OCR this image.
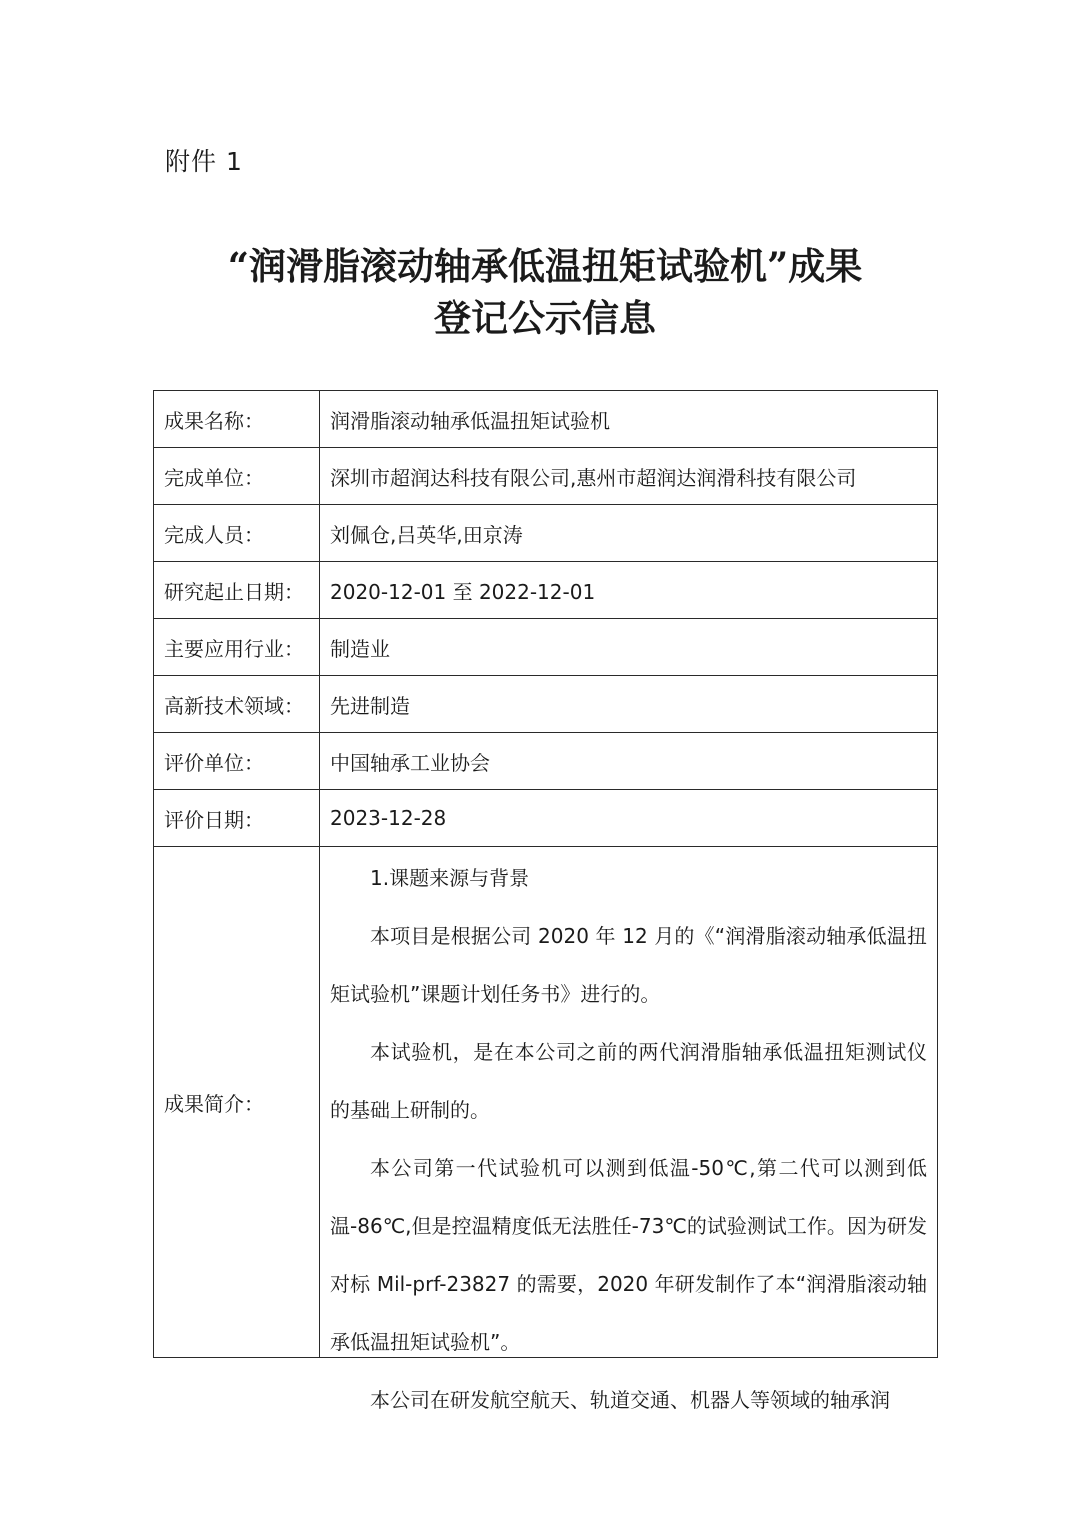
附件 1
“润滑脂滚动轴承低温扭矩试验机”成果
登记公示信息
成果名称：	润滑脂滚动轴承低温扭矩试验机
完成单位：	深圳市超润达科技有限公司,惠州市超润达润滑科技有限公司
完成人员：	刘佩仓,吕英华,田京涛
研究起止日期：	2020-12-01 至 2022-12-01
主要应用行业：	制造业
高新技术领域：	先进制造
评价单位：	中国轴承工业协会
评价日期：	2023-12-28
成果简介：	1.课题来源与背景

本项目是根据公司 2020 年 12 月的《“润滑脂滚动轴承低温扭矩试验机”课题计划任务书》进行的。

本试验机，是在本公司之前的两代润滑脂轴承低温扭矩测试仪的基础上研制的。

本公司第一代试验机可以测到低温-50℃,第二代可以测到低温-86℃,但是控温精度低无法胜任-73℃的试验测试工作。因为研发对标 Mil-prf-23827 的需要，2020 年研发制作了本“润滑脂滚动轴承低温扭矩试验机”。

本公司在研发航空航天、轨道交通、机器人等领域的轴承润
